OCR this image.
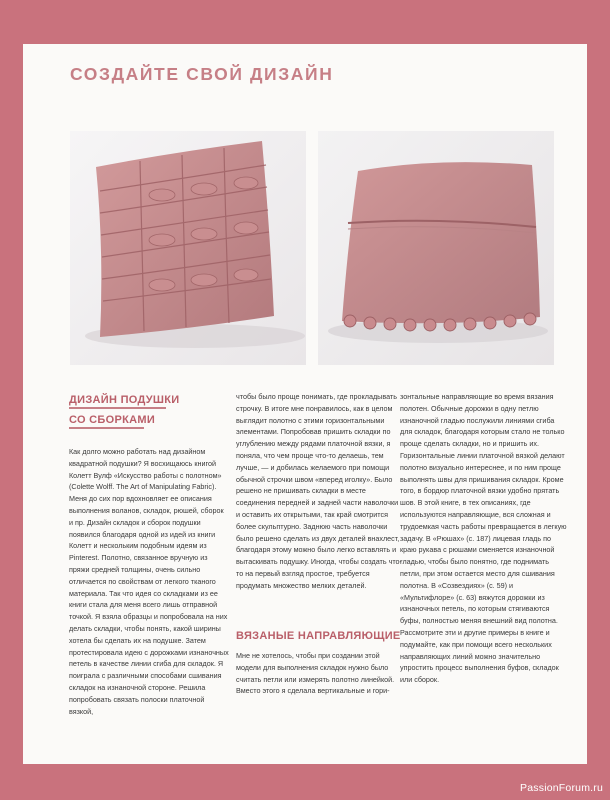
СОЗДАЙТЕ СВОЙ ДИЗАЙН
ДИЗАЙН ПОДУШКИ
СО СБОРКАМИ

Как долго можно работать над дизайном квадратной подушки? Я восхищаюсь книгой Колетт Вулф «Искусство работы с полотном» (Colette Wolff. The Art of Manipulating Fabric). Меня до сих пор вдохновляет ее описания выполнения воланов, складок, рюшей, сборок и пр. Дизайн складок и сборок подушки появился благодаря одной из идей из книги Колетт и нескольким подобным идеям из Pinterest. Полотно, связанное вручную из пряжи средней толщины, очень сильно отличается по свойствам от легкого тканого материала. Так что идея со складками из ее книги стала для меня всего лишь отправной точкой. Я взяла образцы и попробовала на них делать складки, чтобы понять, какой ширины хотела бы сделать их на подушке. Затем протестировала идею с дорожками изнаночных петель в качестве линии сгиба для складок. Я поиграла с различными способами сшивания складок на изнаночной стороне. Решила попробовать связать полоски платочной вязкой,

чтобы было проще понимать, где прокладывать строчку. В итоге мне понравилось, как в целом выглядит полотно с этими горизонтальными элементами. Попробовав пришить складки по углублению между рядами платочной вязки, я поняла, что чем проще что-то делаешь, тем лучше, — и добилась желаемого при помощи обычной строчки швом «вперед иголку». Было решено не пришивать складки в месте соединения передней и задней части наволочки и оставить их открытыми, так край смотрится более скульптурно. Заднюю часть наволочки было решено сделать из двух деталей внахлест, благодаря этому можно было легко вставлять и вытаскивать подушку. Иногда, чтобы создать что-то на первый взгляд простое, требуется продумать множество мелких деталей.

ВЯЗАНЫЕ НАПРАВЛЯЮЩИЕ

Мне не хотелось, чтобы при создании этой модели для выполнения складок нужно было считать петли или измерять полотно линейкой. Вместо этого я сделала вертикальные и гори-

зонтальные направляющие во время вязания полотен. Обычные дорожки в одну петлю изнаночной гладью послужили линиями сгиба для складок, благодаря которым стало не только проще сделать складки, но и пришить их. Горизонтальные линии платочной вязкой делают полотно визуально интереснее, и по ним проще выполнять швы для пришивания складок. Кроме того, в бордюр платочной вязки удобно прятать шов. В этой книге, в тех описаниях, где используются направляющие, вся сложная и трудоемкая часть работы превращается в легкую задачу. В «Рюшах» (с. 187) лицевая гладь по краю рукава с рюшами сменяется изнаночной гладью, чтобы было понятно, где поднимать петли, при этом остается место для сшивания полотна. В «Созвездиях» (с. 59) и «Мультифлоре» (с. 63) вяжутся дорожки из изнаночных петель, по которым стягиваются буфы, полностью меняя внешний вид полотна. Рассмотрите эти и другие примеры в книге и подумайте, как при помощи всего нескольких направляющих линий можно значительно упростить процесс выполнения буфов, складок или сборок.

PassionForum.ru
